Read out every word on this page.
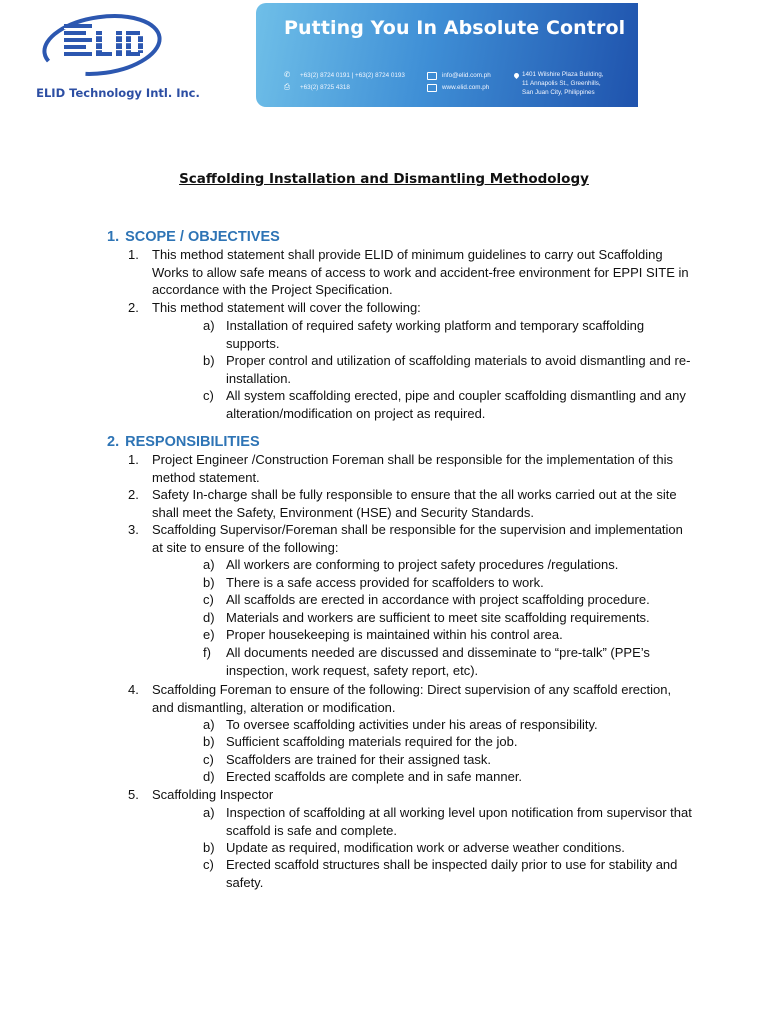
ELID Technology Intl. Inc.
Putting You In Absolute Control
✆ +63(2) 8724 0191 | +63(2) 8724 0193
⎙ +63(2) 8725 4318
info@elid.com.ph
www.elid.com.ph
1401 Wilshire Plaza Building,
11 Annapolis St., Greenhills,
San Juan City, Philippines
Scaffolding Installation and Dismantling Methodology
1. SCOPE / OBJECTIVES
1. This method statement shall provide ELID of minimum guidelines to carry out Scaffolding Works to allow safe means of access to work and accident-free environment for EPPI SITE in accordance with the Project Specification.
2. This method statement will cover the following:
a) Installation of required safety working platform and temporary scaffolding supports.
b) Proper control and utilization of scaffolding materials to avoid dismantling and re-installation.
c) All system scaffolding erected, pipe and coupler scaffolding dismantling and any alteration/modification on project as required.
2. RESPONSIBILITIES
1. Project Engineer /Construction Foreman shall be responsible for the implementation of this method statement.
2. Safety In-charge shall be fully responsible to ensure that the all works carried out at the site shall meet the Safety, Environment (HSE) and Security Standards.
3. Scaffolding Supervisor/Foreman shall be responsible for the supervision and implementation at site to ensure of the following:
a) All workers are conforming to project safety procedures /regulations.
b) There is a safe access provided for scaffolders to work.
c) All scaffolds are erected in accordance with project scaffolding procedure.
d) Materials and workers are sufficient to meet site scaffolding requirements.
e) Proper housekeeping is maintained within his control area.
f) All documents needed are discussed and disseminate to “pre-talk” (PPE’s inspection, work request, safety report, etc).
4. Scaffolding Foreman to ensure of the following: Direct supervision of any scaffold erection, and dismantling, alteration or modification.
a) To oversee scaffolding activities under his areas of responsibility.
b) Sufficient scaffolding materials required for the job.
c) Scaffolders are trained for their assigned task.
d) Erected scaffolds are complete and in safe manner.
5. Scaffolding Inspector
a) Inspection of scaffolding at all working level upon notification from supervisor that scaffold is safe and complete.
b) Update as required, modification work or adverse weather conditions.
c) Erected scaffold structures shall be inspected daily prior to use for stability and safety.
